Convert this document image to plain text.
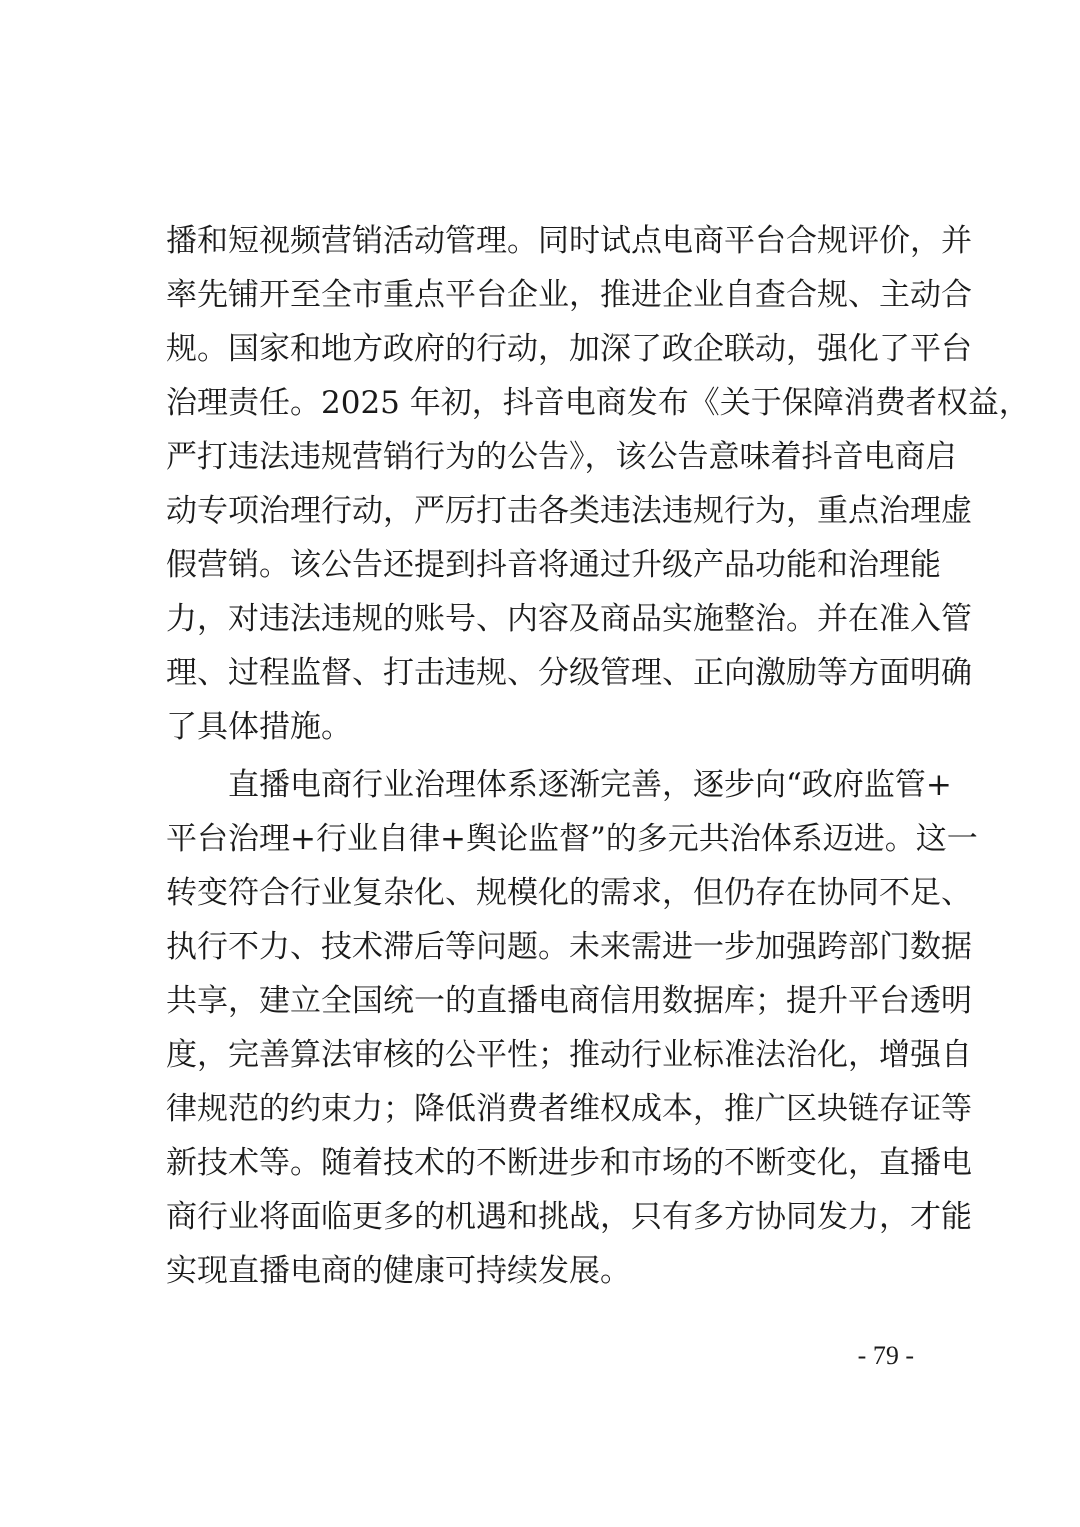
播和短视频营销活动管理。同时试点电商平台合规评价，并
率先铺开至全市重点平台企业，推进企业自查合规、主动合
规。国家和地方政府的行动，加深了政企联动，强化了平台
治理责任。2025 年初，抖音电商发布《关于保障消费者权益，
严打违法违规营销行为的公告》，该公告意味着抖音电商启
动专项治理行动，严厉打击各类违法违规行为，重点治理虚
假营销。该公告还提到抖音将通过升级产品功能和治理能
力，对违法违规的账号、内容及商品实施整治。并在准入管
理、过程监督、打击违规、分级管理、正向激励等方面明确
了具体措施。
　　直播电商行业治理体系逐渐完善，逐步向“政府监管+
平台治理+行业自律+舆论监督”的多元共治体系迈进。这一
转变符合行业复杂化、规模化的需求，但仍存在协同不足、
执行不力、技术滞后等问题。未来需进一步加强跨部门数据
共享，建立全国统一的直播电商信用数据库；提升平台透明
度，完善算法审核的公平性；推动行业标准法治化，增强自
律规范的约束力；降低消费者维权成本，推广区块链存证等
新技术等。随着技术的不断进步和市场的不断变化，直播电
商行业将面临更多的机遇和挑战，只有多方协同发力，才能
实现直播电商的健康可持续发展。
- 79 -
